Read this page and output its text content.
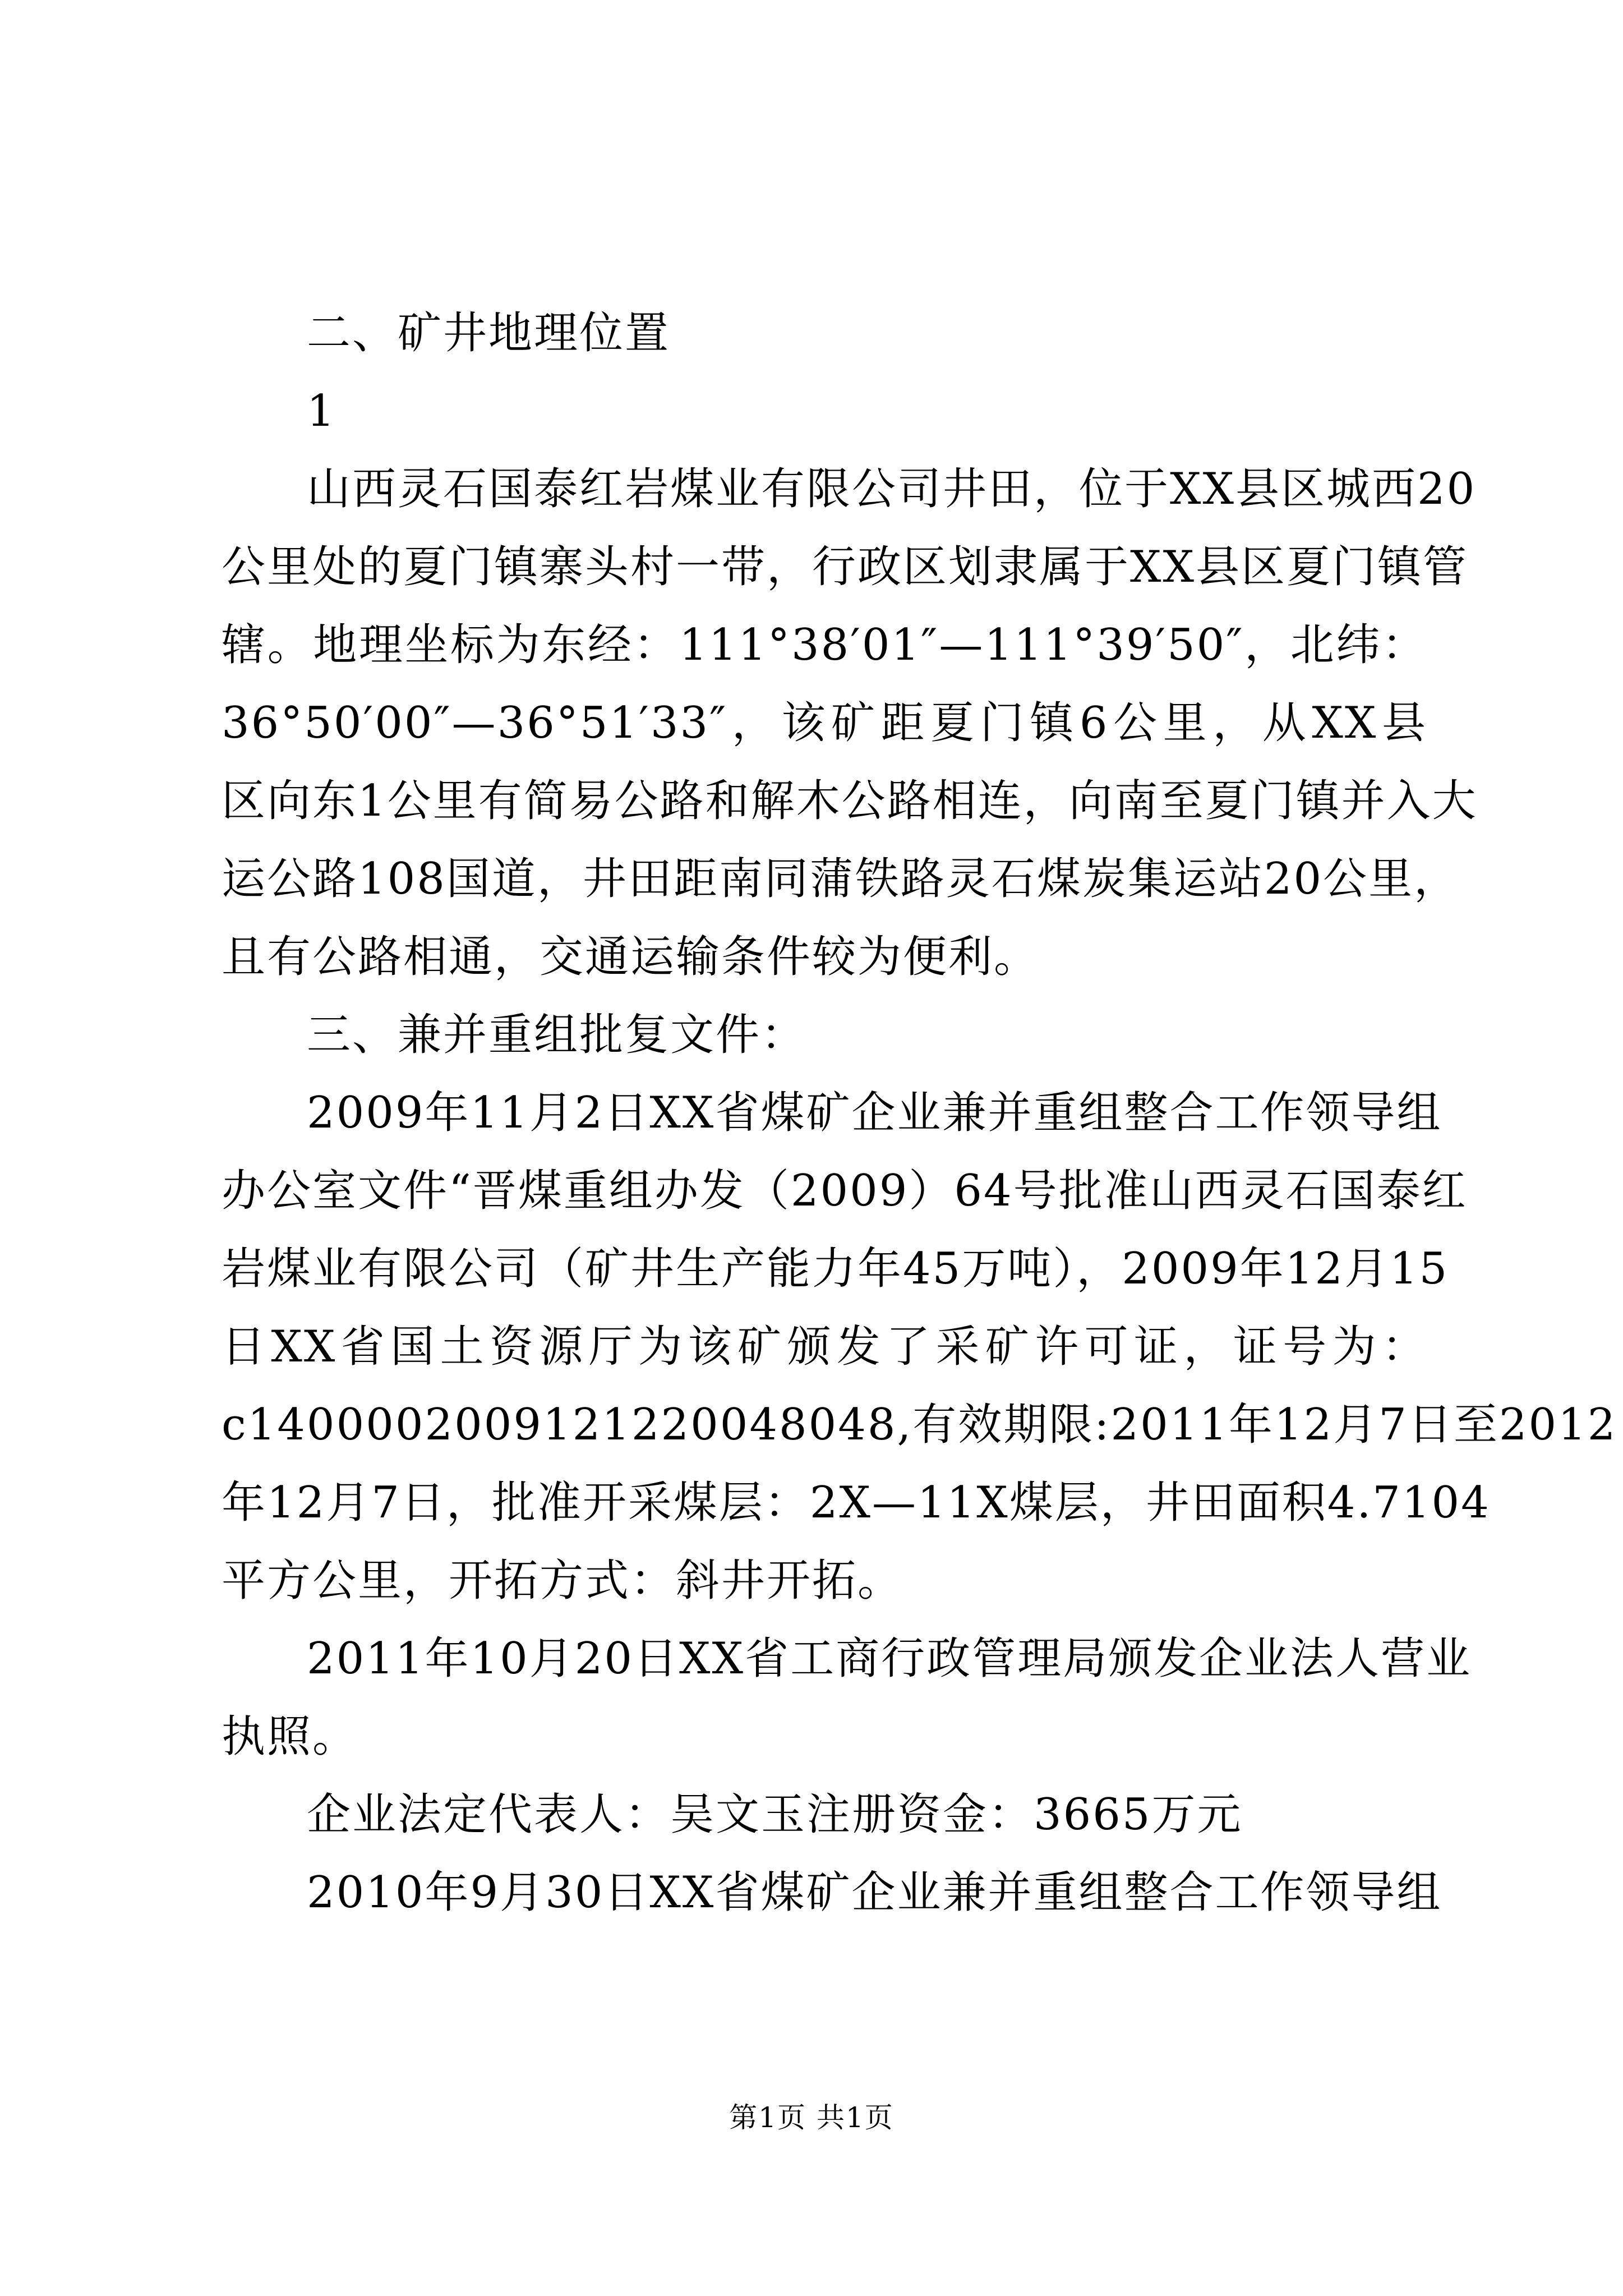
二、矿井地理位置
1
山西灵石国泰红岩煤业有限公司井田，位于XX县区城西20
公里处的夏门镇寨头村一带，行政区划隶属于XX县区夏门镇管
辖。地理坐标为东经：111°38′01″—111°39′50″，北纬：
36°50′00″—36°51′33″，该矿距夏门镇6公里，从XX县
区向东1公里有简易公路和解木公路相连，向南至夏门镇并入大
运公路108国道，井田距南同蒲铁路灵石煤炭集运站20公里，
且有公路相通，交通运输条件较为便利。
三、兼并重组批复文件：
2009年11月2日XX省煤矿企业兼并重组整合工作领导组
办公室文件“晋煤重组办发（2009）64号批准山西灵石国泰红
岩煤业有限公司（矿井生产能力年45万吨），2009年12月15
日XX省国土资源厅为该矿颁发了采矿许可证，证号为：
c1400002009121220048048,有效期限:2011年12月7日至2012
年12月7日，批准开采煤层：2X—11X煤层，井田面积4.7104
平方公里，开拓方式：斜井开拓。
2011年10月20日XX省工商行政管理局颁发企业法人营业
执照。
企业法定代表人：吴文玉注册资金：3665万元
2010年9月30日XX省煤矿企业兼并重组整合工作领导组
第1页 共1页
